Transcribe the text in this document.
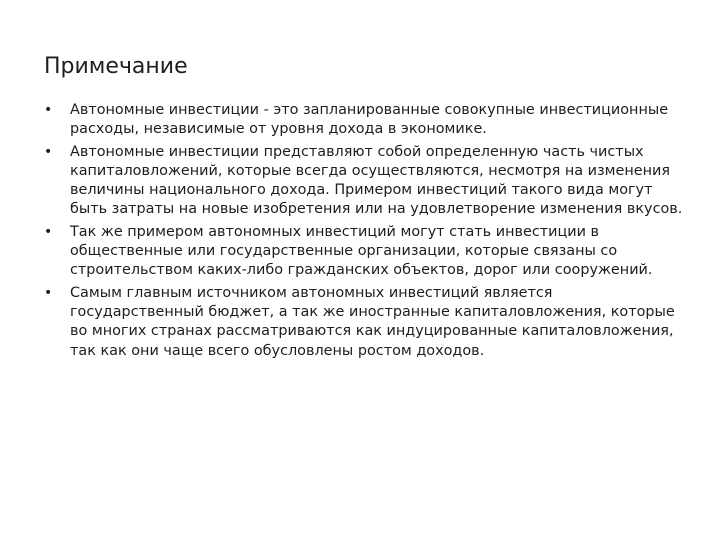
Примечание
•	Автономные инвестиции - это запланированные совокупные инвестиционные расходы, независимые от уровня дохода в экономике.
•	Автономные инвестиции представляют собой определенную часть чистых капиталовложений, которые всегда осуществляются, несмотря на изменения величины национального дохода. Примером инвестиций такого вида могут быть затраты на новые изобретения или на удовлетворение изменения вкусов.
•	Так же примером автономных инвестиций могут стать инвестиции в общественные или государственные организации, которые связаны со строительством каких-либо гражданских объектов, дорог или сооружений.
•	Самым главным источником автономных инвестиций является государственный бюджет, а так же иностранные капиталовложения, которые во многих странах рассматриваются как индуцированные капиталовложения, так как они чаще всего обусловлены ростом доходов.
